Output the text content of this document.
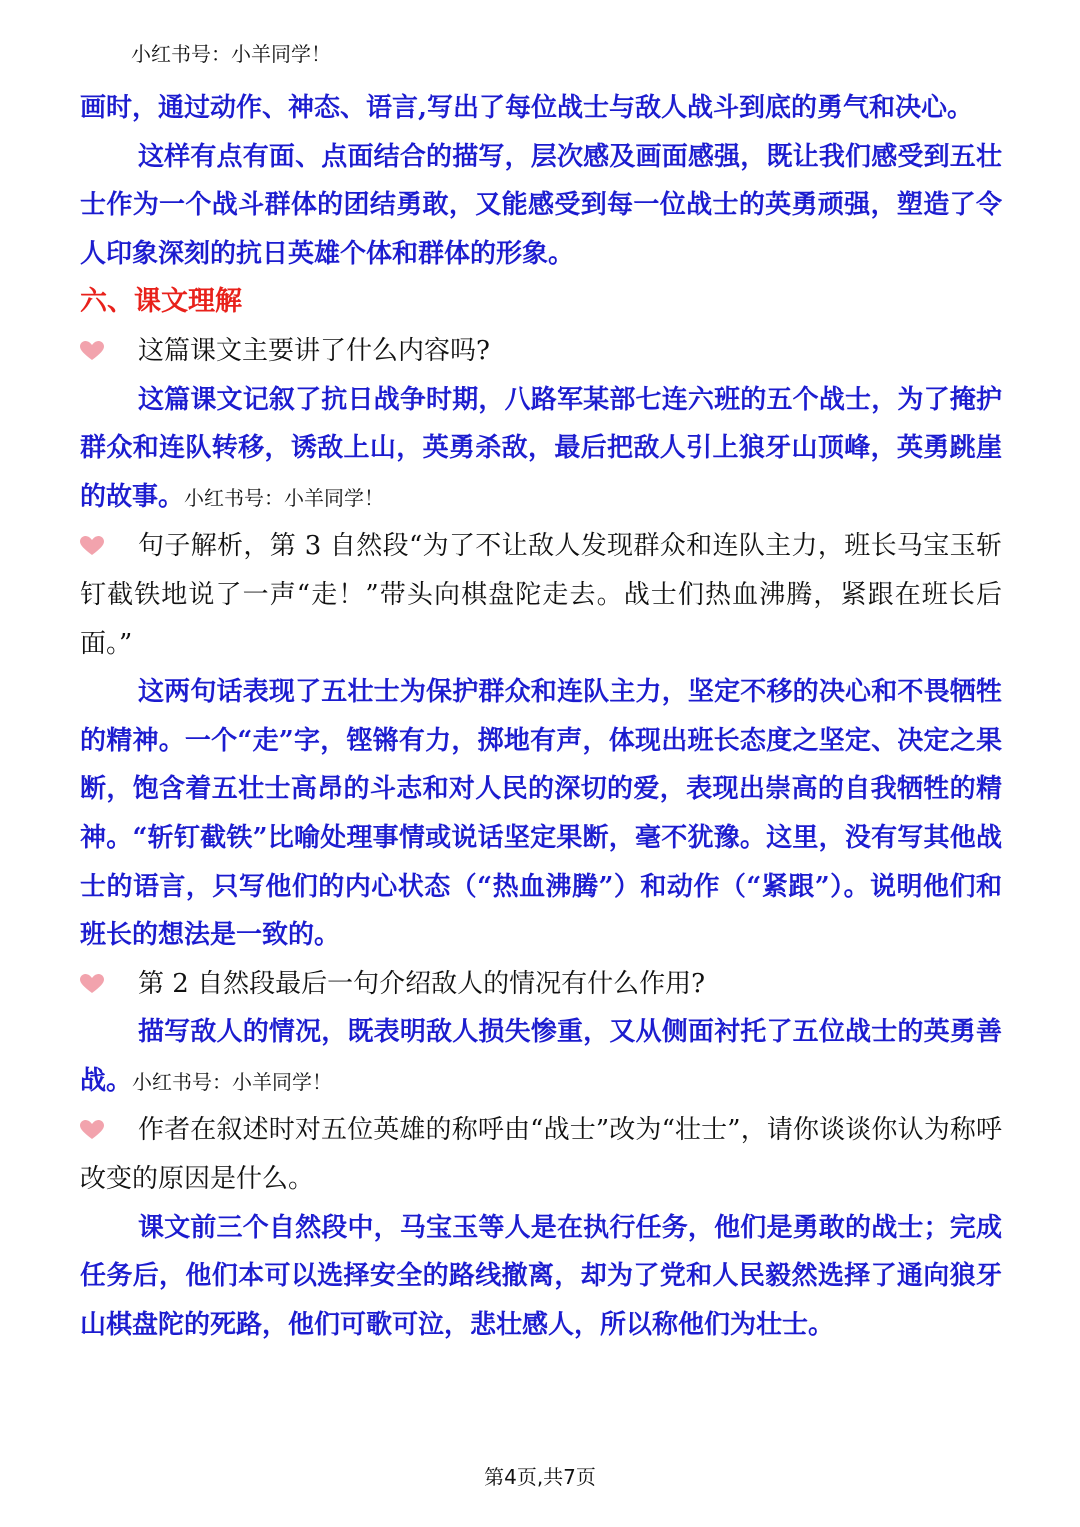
小红书号：小羊同学！

画时，通过动作、神态、语言,写出了每位战士与敌人战斗到底的勇气和决心。

这样有点有面、点面结合的描写，层次感及画面感强，既让我们感受到五壮士作为一个战斗群体的团结勇敢，又能感受到每一位战士的英勇顽强，塑造了令人印象深刻的抗日英雄个体和群体的形象。

六、课文理解

这篇课文主要讲了什么内容吗?

这篇课文记叙了抗日战争时期，八路军某部七连六班的五个战士，为了掩护群众和连队转移，诱敌上山，英勇杀敌，最后把敌人引上狼牙山顶峰，英勇跳崖的故事。小红书号：小羊同学！

句子解析，第 3 自然段“为了不让敌人发现群众和连队主力，班长马宝玉斩钉截铁地说了一声“走！”带头向棋盘陀走去。战士们热血沸腾，紧跟在班长后面。”

这两句话表现了五壮士为保护群众和连队主力，坚定不移的决心和不畏牺牲的精神。一个“走”字，铿锵有力，掷地有声，体现出班长态度之坚定、决定之果断，饱含着五壮士高昂的斗志和对人民的深切的爱，表现出崇高的自我牺牲的精神。“斩钉截铁”比喻处理事情或说话坚定果断，毫不犹豫。这里，没有写其他战士的语言，只写他们的内心状态（“热血沸腾”）和动作（“紧跟”）。说明他们和班长的想法是一致的。

第 2 自然段最后一句介绍敌人的情况有什么作用?

描写敌人的情况，既表明敌人损失惨重，又从侧面衬托了五位战士的英勇善战。小红书号：小羊同学！

作者在叙述时对五位英雄的称呼由“战士”改为“壮士”，请你谈谈你认为称呼改变的原因是什么。

课文前三个自然段中，马宝玉等人是在执行任务，他们是勇敢的战士；完成任务后，他们本可以选择安全的路线撤离，却为了党和人民毅然选择了通向狼牙山棋盘陀的死路，他们可歌可泣，悲壮感人，所以称他们为壮士。

第4页,共7页
